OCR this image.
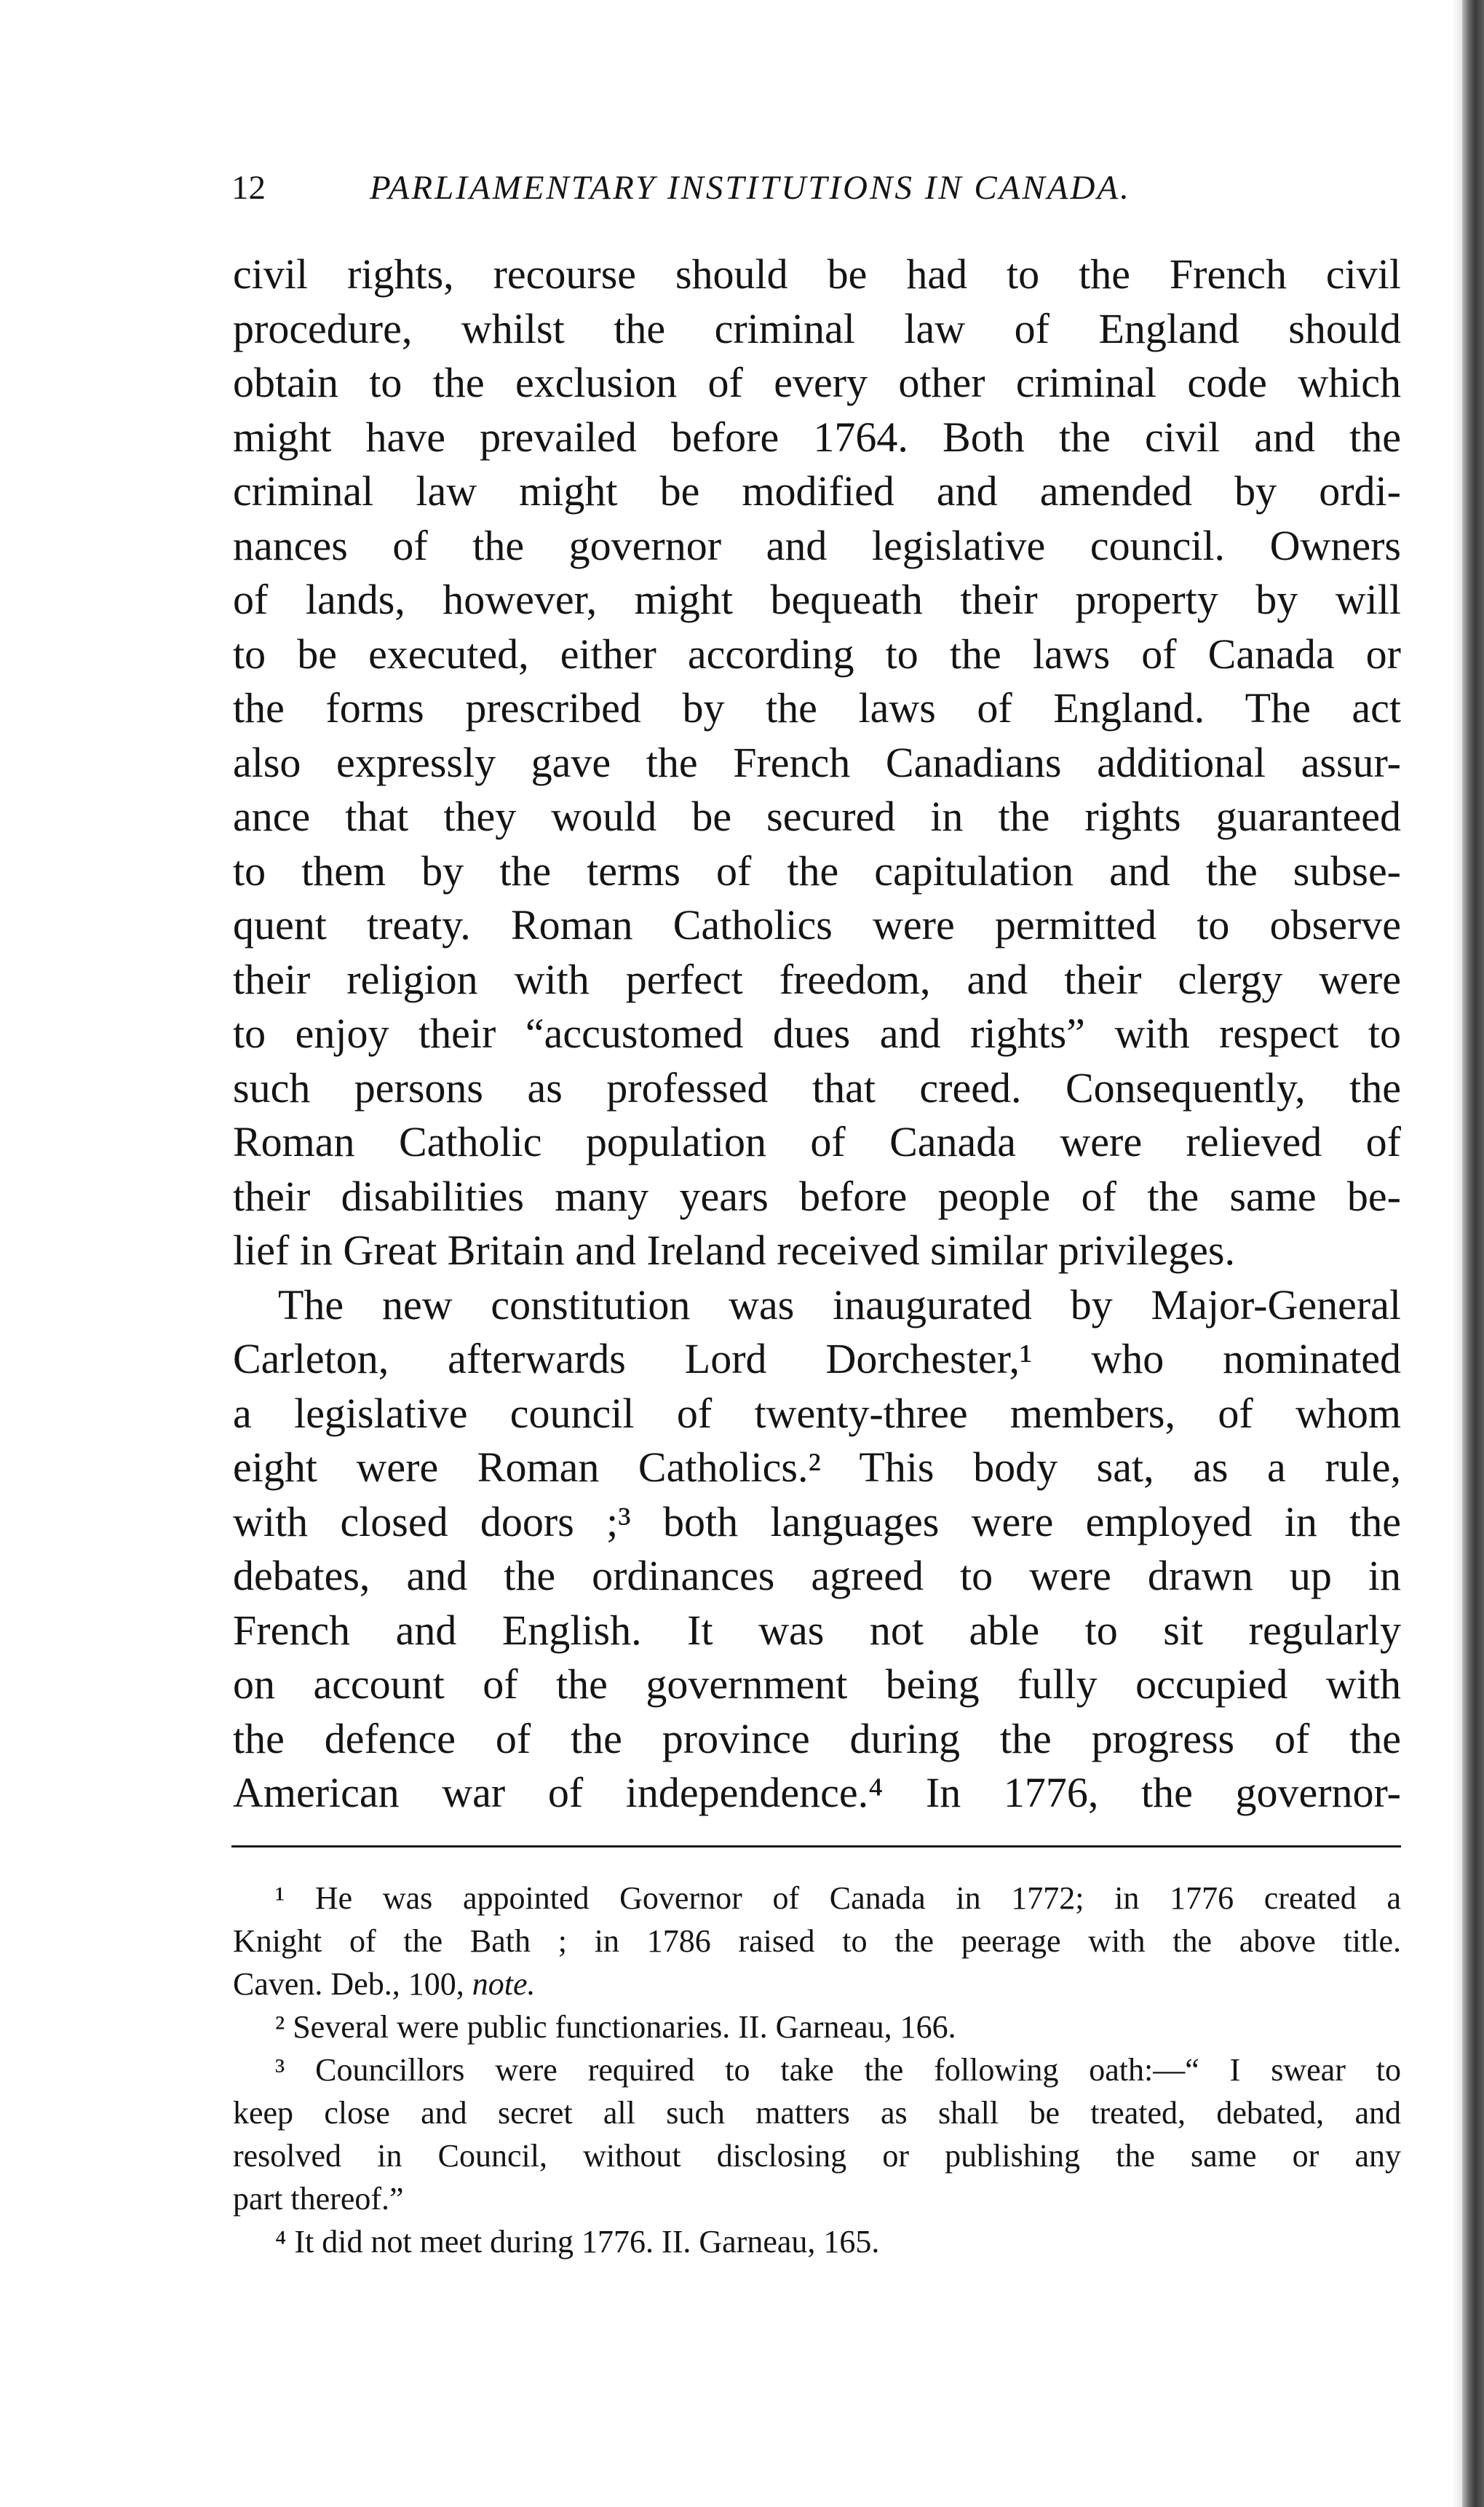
12	PARLIAMENTARY INSTITUTIONS IN CANADA.
civil rights, recourse should be had to the French civil
procedure, whilst the criminal law of England should
obtain to the exclusion of every other criminal code which
might have prevailed before 1764. Both the civil and the
criminal law might be modified and amended by ordi-
nances of the governor and legislative council. Owners
of lands, however, might bequeath their property by will
to be executed, either according to the laws of Canada or
the forms prescribed by the laws of England. The act
also expressly gave the French Canadians additional assur-
ance that they would be secured in the rights guaranteed
to them by the terms of the capitulation and the subse-
quent treaty. Roman Catholics were permitted to observe
their religion with perfect freedom, and their clergy were
to enjoy their “accustomed dues and rights” with respect to
such persons as professed that creed. Consequently, the
Roman Catholic population of Canada were relieved of
their disabilities many years before people of the same be-
lief in Great Britain and Ireland received similar privileges.
The new constitution was inaugurated by Major-General
Carleton, afterwards Lord Dorchester,¹ who nominated
a legislative council of twenty-three members, of whom
eight were Roman Catholics.² This body sat, as a rule,
with closed doors ;³ both languages were employed in the
debates, and the ordinances agreed to were drawn up in
French and English. It was not able to sit regularly
on account of the government being fully occupied with
the defence of the province during the progress of the
American war of independence.⁴ In 1776, the governor-
¹ He was appointed Governor of Canada in 1772; in 1776 created a
Knight of the Bath ; in 1786 raised to the peerage with the above title.
Caven. Deb., 100, note.
² Several were public functionaries. II. Garneau, 166.
³ Councillors were required to take the following oath:—“ I swear to
keep close and secret all such matters as shall be treated, debated, and
resolved in Council, without disclosing or publishing the same or any
part thereof.”
⁴ It did not meet during 1776. II. Garneau, 165.
